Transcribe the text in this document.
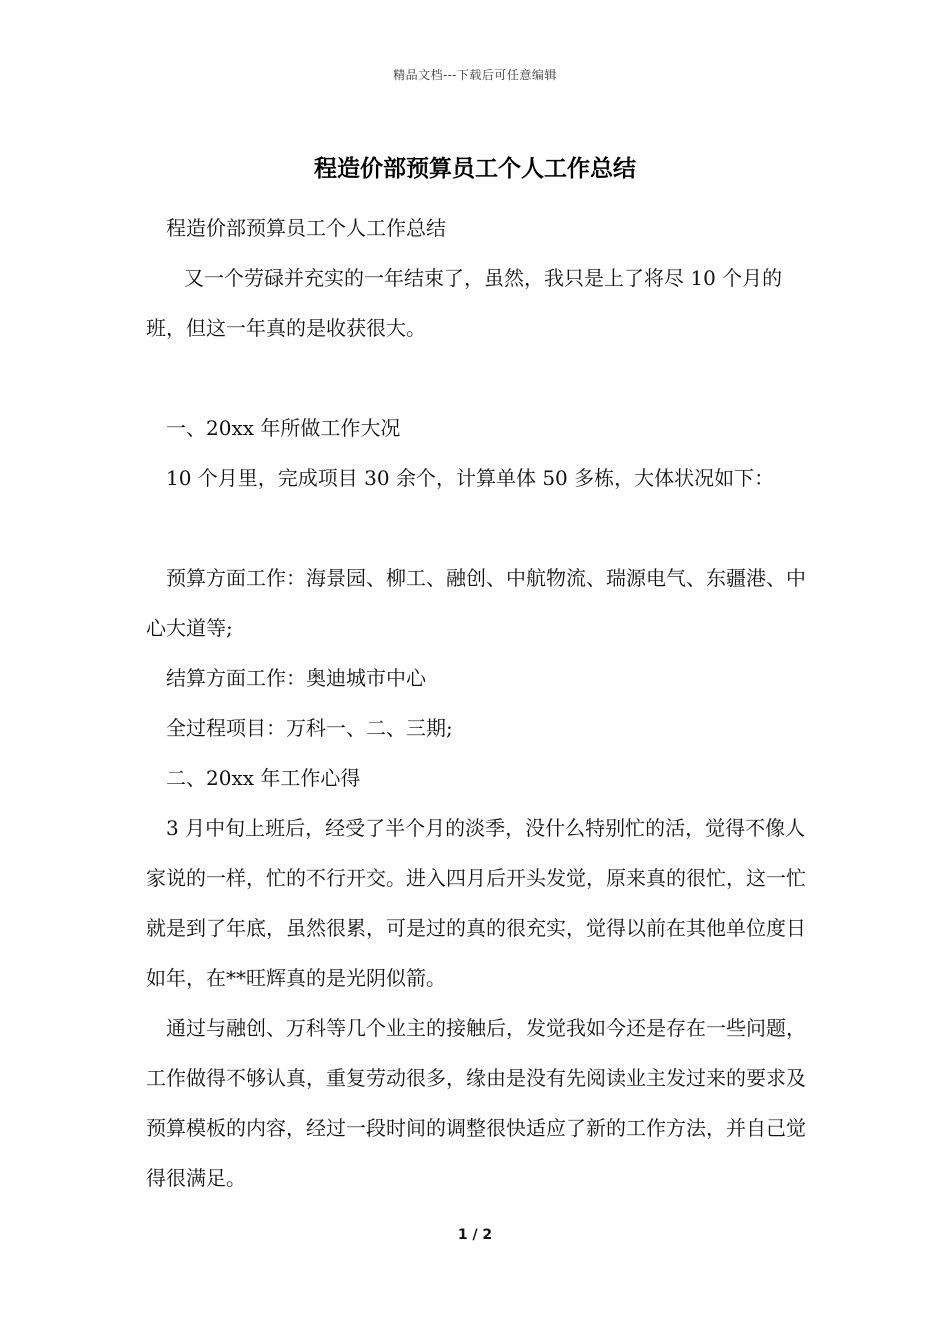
精品文档---下载后可任意编辑
程造价部预算员工个人工作总结

程造价部预算员工个人工作总结

又一个劳碌并充实的一年结束了，虽然，我只是上了将尽 10 个月的班，但这一年真的是收获很大。

一、20xx 年所做工作大况

10 个月里，完成项目 30 余个，计算单体 50 多栋，大体状况如下：

预算方面工作：海景园、柳工、融创、中航物流、瑞源电气、东疆港、中心大道等;

结算方面工作：奥迪城市中心

全过程项目：万科一、二、三期;

二、20xx 年工作心得

3 月中旬上班后，经受了半个月的淡季，没什么特别忙的活，觉得不像人家说的一样，忙的不行开交。进入四月后开头发觉，原来真的很忙，这一忙就是到了年底，虽然很累，可是过的真的很充实，觉得以前在其他单位度日如年，在**旺辉真的是光阴似箭。

通过与融创、万科等几个业主的接触后，发觉我如今还是存在一些问题，工作做得不够认真，重复劳动很多，缘由是没有先阅读业主发过来的要求及预算模板的内容，经过一段时间的调整很快适应了新的工作方法，并自己觉得很满足。

1 / 2
